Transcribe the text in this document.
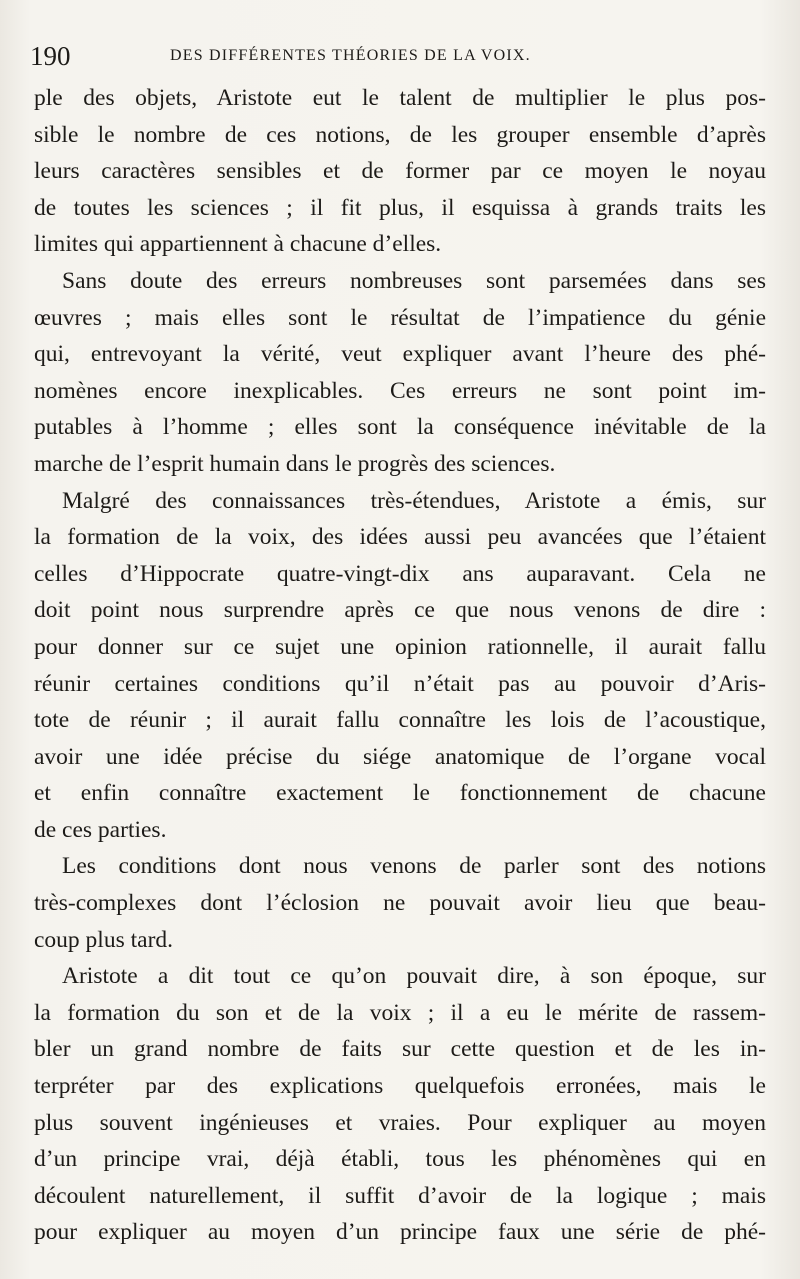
190	DES DIFFÉRENTES THÉORIES DE LA VOIX.
ple des objets, Aristote eut le talent de multiplier le plus pos-
sible le nombre de ces notions, de les grouper ensemble d’après
leurs caractères sensibles et de former par ce moyen le noyau
de toutes les sciences ; il fit plus, il esquissa à grands traits les
limites qui appartiennent à chacune d’elles.
Sans doute des erreurs nombreuses sont parsemées dans ses
œuvres ; mais elles sont le résultat de l’impatience du génie
qui, entrevoyant la vérité, veut expliquer avant l’heure des phé-
nomènes encore inexplicables. Ces erreurs ne sont point im-
putables à l’homme ; elles sont la conséquence inévitable de la
marche de l’esprit humain dans le progrès des sciences.
Malgré des connaissances très-étendues, Aristote a émis, sur
la formation de la voix, des idées aussi peu avancées que l’étaient
celles d’Hippocrate quatre-vingt-dix ans auparavant. Cela ne
doit point nous surprendre après ce que nous venons de dire :
pour donner sur ce sujet une opinion rationnelle, il aurait fallu
réunir certaines conditions qu’il n’était pas au pouvoir d’Aris-
tote de réunir ; il aurait fallu connaître les lois de l’acoustique,
avoir une idée précise du siége anatomique de l’organe vocal
et enfin connaître exactement le fonctionnement de chacune
de ces parties.
Les conditions dont nous venons de parler sont des notions
très-complexes dont l’éclosion ne pouvait avoir lieu que beau-
coup plus tard.
Aristote a dit tout ce qu’on pouvait dire, à son époque, sur
la formation du son et de la voix ; il a eu le mérite de rassem-
bler un grand nombre de faits sur cette question et de les in-
terpréter par des explications quelquefois erronées, mais le
plus souvent ingénieuses et vraies. Pour expliquer au moyen
d’un principe vrai, déjà établi, tous les phénomènes qui en
découlent naturellement, il suffit d’avoir de la logique ; mais
pour expliquer au moyen d’un principe faux une série de phé-
